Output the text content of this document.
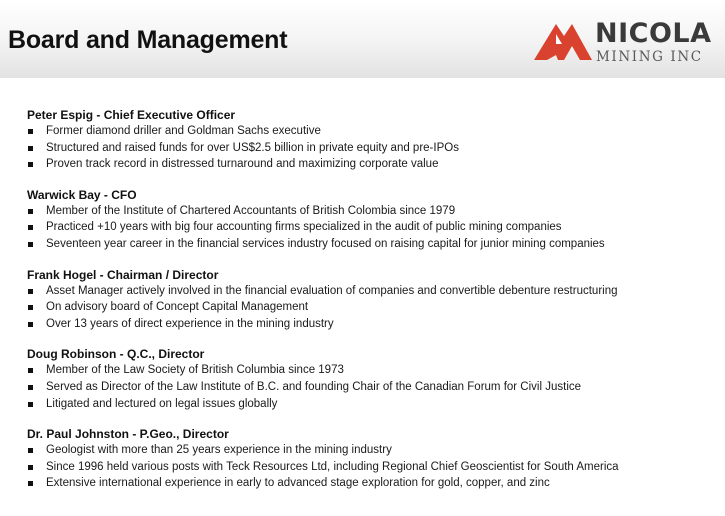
Board and Management	NICOLA
MINING INC
Peter Espig - Chief Executive Officer
Former diamond driller and Goldman Sachs executive
Structured and raised funds for over US$2.5 billion in private equity and pre-IPOs
Proven track record in distressed turnaround and maximizing corporate value
Warwick Bay - CFO
Member of the Institute of Chartered Accountants of British Colombia since 1979
Practiced +10 years with big four accounting firms specialized in the audit of public mining companies
Seventeen year career in the financial services industry focused on raising capital for junior mining companies
Frank Hogel - Chairman / Director
Asset Manager actively involved in the financial evaluation of companies and convertible debenture restructuring
On advisory board of Concept Capital Management
Over 13 years of direct experience in the mining industry
Doug Robinson - Q.C., Director
Member of the Law Society of British Columbia since 1973
Served as Director of the Law Institute of B.C. and founding Chair of the Canadian Forum for Civil Justice
Litigated and lectured on legal issues globally
Dr. Paul Johnston - P.Geo., Director
Geologist with more than 25 years experience in the mining industry
Since 1996 held various posts with Teck Resources Ltd, including Regional Chief Geoscientist for South America
Extensive international experience in early to advanced stage exploration for gold, copper, and zinc
